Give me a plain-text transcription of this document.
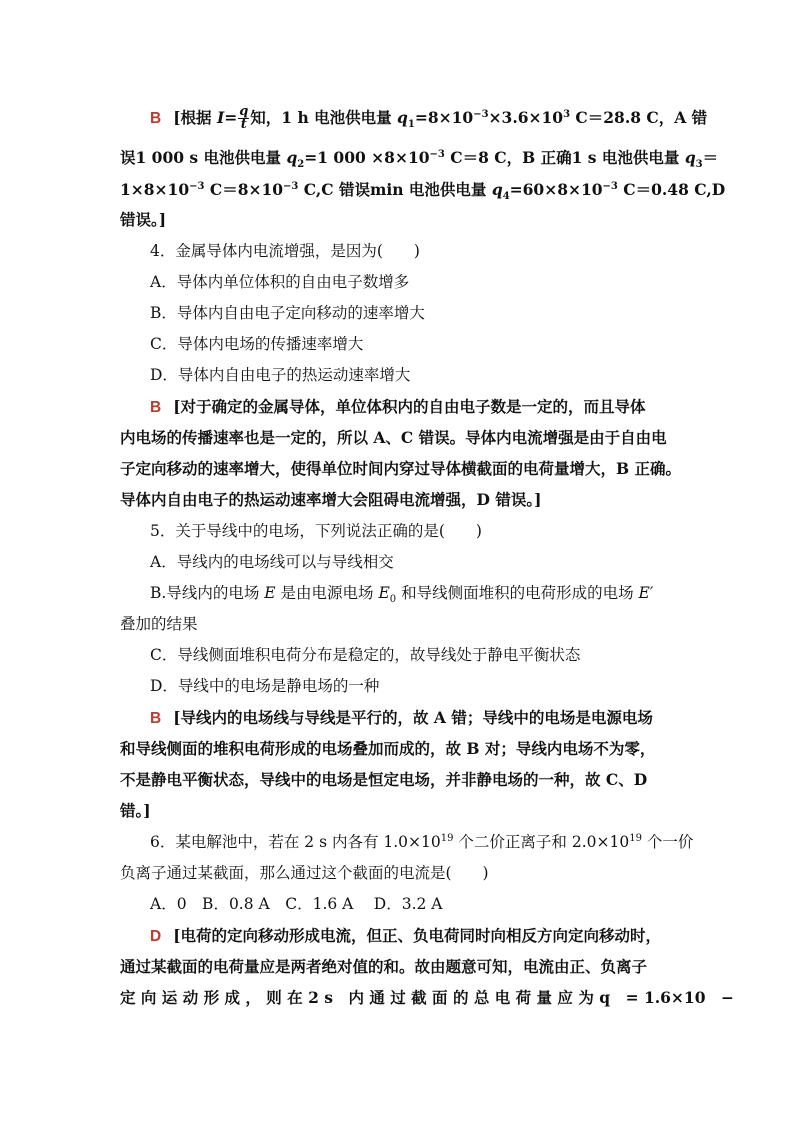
B [根据 $I= \frac{q}{t}$ 知，1 h 电池供电量 $q_1=8\times 10^{-3}\times 3.6\times 10^3$ C＝28.8 C，A 错
误1 000 s 电池供电量 $q_2=1$ $000 \times 8\times 10^{-3}$ C＝8 C，B 正确1 s 电池供电量 $q_3=$
$1\times 8\times 10^{-3}$ $C=8\times 10^{-3}$ C,C 错误min 电池供电量 $q_4=60\times 8\times 10^{-3}$ C＝0.48 C,D
错误。]
4．金属导体内电流增强，是因为(　　)
A．导体内单位体积的自由电子数增多
B．导体内自由电子定向移动的速率增大
C．导体内电场的传播速率增大
D．导体内自由电子的热运动速率增大
B [对于确定的金属导体，单位体积内的自由电子数是一定的，而且导体
内电场的传播速率也是一定的，所以 A、C 错误。导体内电流增强是由于自由电
子定向移动的速率增大，使得单位时间内穿过导体横截面的电荷量增大，B 正确。
导体内自由电子的热运动速率增大会阻碍电流增强，D 错误。]
5．关于导线中的电场，下列说法正确的是(　　)
A．导线内的电场线可以与导线相交
B.导线内的电场 E 是由电源电场 $E_0$ 和导线侧面堆积的电荷形成的电场 E′
叠加的结果
C．导线侧面堆积电荷分布是稳定的，故导线处于静电平衡状态
D．导线中的电场是静电场的一种
B [导线内的电场线与导线是平行的，故 A 错；导线中的电场是电源电场
和导线侧面的堆积电荷形成的电场叠加而成的，故 B 对；导线内电场不为零，
不是静电平衡状态，导线中的电场是恒定电场，并非静电场的一种，故 C、D
错。]
6．某电解池中，若在 2 s 内各有 $1.0\times 10^{19}$ 个二价正离子和 $2.0\times 10^{19}$ 个一价
负离子通过某截面，那么通过这个截面的电流是(　　)
A．0　B．0.8 A　C．1.6 A　 D．3.2 A
D [电荷的定向移动形成电流，但正、负电荷同时向相反方向定向移动时，
通过某截面的电荷量应是两者绝对值的和。故由题意可知，电流由正、负离子
定 向 运 动 形 成 ， 则 在 2 s　内 通 过 截 面 的 总 电 荷 量 应 为 q　= 1.6×10　−
